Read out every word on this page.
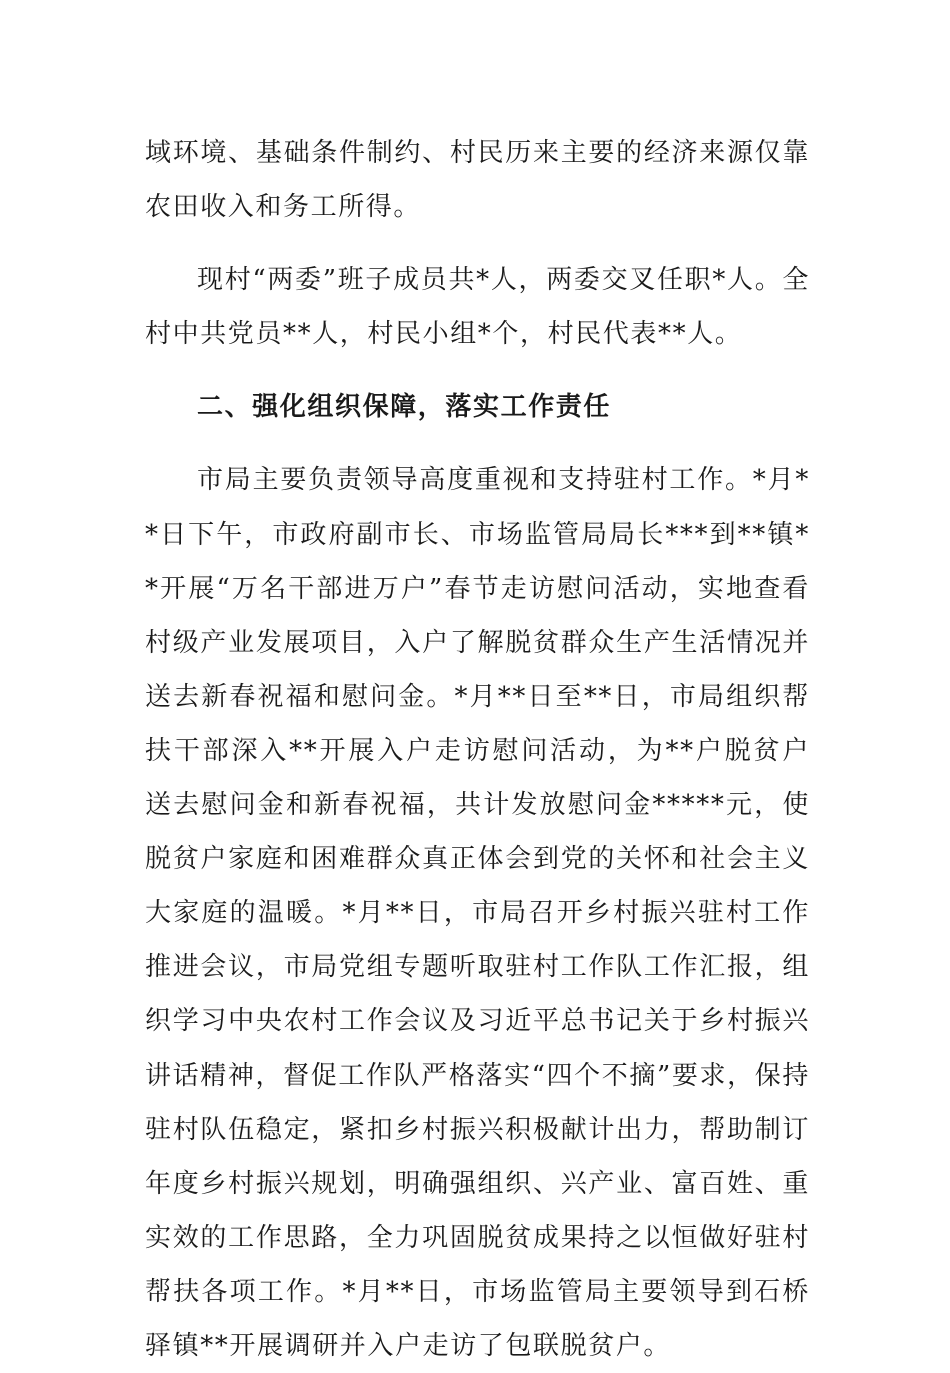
域环境、基础条件制约、村民历来主要的经济来源仅靠农田收入和务工所得。

现村“两委”班子成员共*人，两委交叉任职*人。全村中共党员**人，村民小组*个，村民代表**人。

二、强化组织保障，落实工作责任

市局主要负责领导高度重视和支持驻村工作。*月**日下午，市政府副市长、市场监管局局长***到**镇**开展“万名干部进万户”春节走访慰问活动，实地查看村级产业发展项目，入户了解脱贫群众生产生活情况并送去新春祝福和慰问金。*月**日至**日，市局组织帮扶干部深入**开展入户走访慰问活动，为**户脱贫户送去慰问金和新春祝福，共计发放慰问金*****元，使脱贫户家庭和困难群众真正体会到党的关怀和社会主义大家庭的温暖。*月**日，市局召开乡村振兴驻村工作推进会议，市局党组专题听取驻村工作队工作汇报，组织学习中央农村工作会议及习近平总书记关于乡村振兴讲话精神，督促工作队严格落实“四个不摘”要求，保持驻村队伍稳定，紧扣乡村振兴积极献计出力，帮助制订年度乡村振兴规划，明确强组织、兴产业、富百姓、重实效的工作思路，全力巩固脱贫成果持之以恒做好驻村帮扶各项工作。*月**日，市场监管局主要领导到石桥驿镇**开展调研并入户走访了包联脱贫户。
